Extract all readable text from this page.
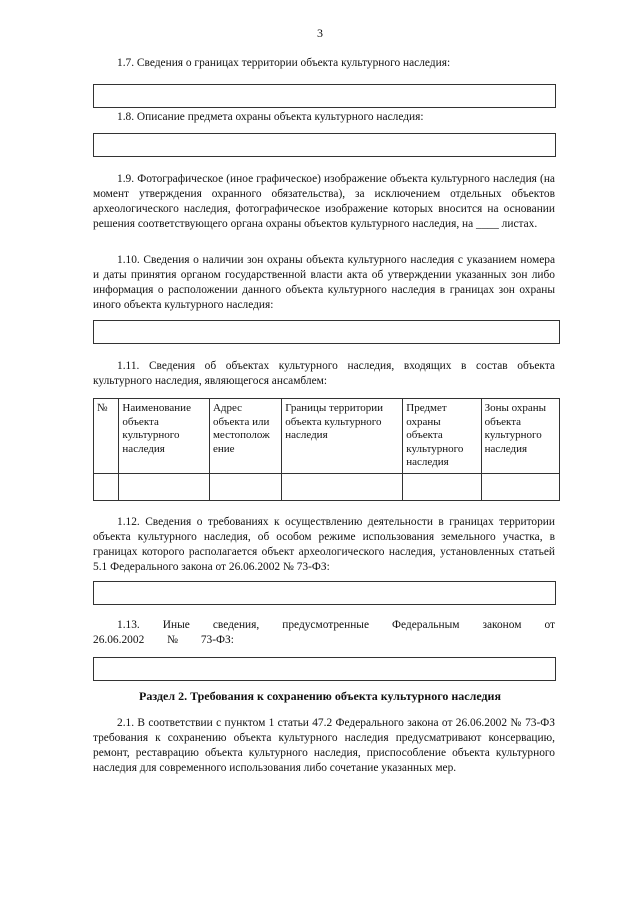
3

1.7. Сведения о границах территории объекта культурного наследия:

1.8. Описание предмета охраны объекта культурного наследия:

1.9. Фотографическое (иное графическое) изображение объекта культурного наследия (на момент утверждения охранного обязательства), за исключением отдельных объектов археологического наследия, фотографическое изображение которых вносится на основании решения соответствующего органа охраны объектов культурного наследия, на ____ листах.

1.10. Сведения о наличии зон охраны объекта культурного наследия с указанием номера и даты принятия органом государственной власти акта об утверждении указанных зон либо информация о расположении данного объекта культурного наследия в границах зон охраны иного объекта культурного наследия:

1.11. Сведения об объектах культурного наследия, входящих в состав объекта культурного наследия, являющегося ансамблем:

№	Наименование объекта культурного наследия	Адрес объекта или местополож ение	Границы территории объекта культурного наследия	Предмет охраны объекта культурного наследия	Зоны охраны объекта культурного наследия

1.12. Сведения о требованиях к осуществлению деятельности в границах территории объекта культурного наследия, об особом режиме использования земельного участка, в границах которого располагается объект археологического наследия, установленных статьей 5.1 Федерального закона от 26.06.2002 № 73-ФЗ:

1.13. Иные сведения, предусмотренные Федеральным законом от 26.06.2002 № 73-ФЗ:

Раздел 2. Требования к сохранению объекта культурного наследия

2.1. В соответствии с пунктом 1 статьи 47.2 Федерального закона от 26.06.2002 № 73-ФЗ требования к сохранению объекта культурного наследия предусматривают консервацию, ремонт, реставрацию объекта культурного наследия, приспособление объекта культурного наследия для современного использования либо сочетание указанных мер.
